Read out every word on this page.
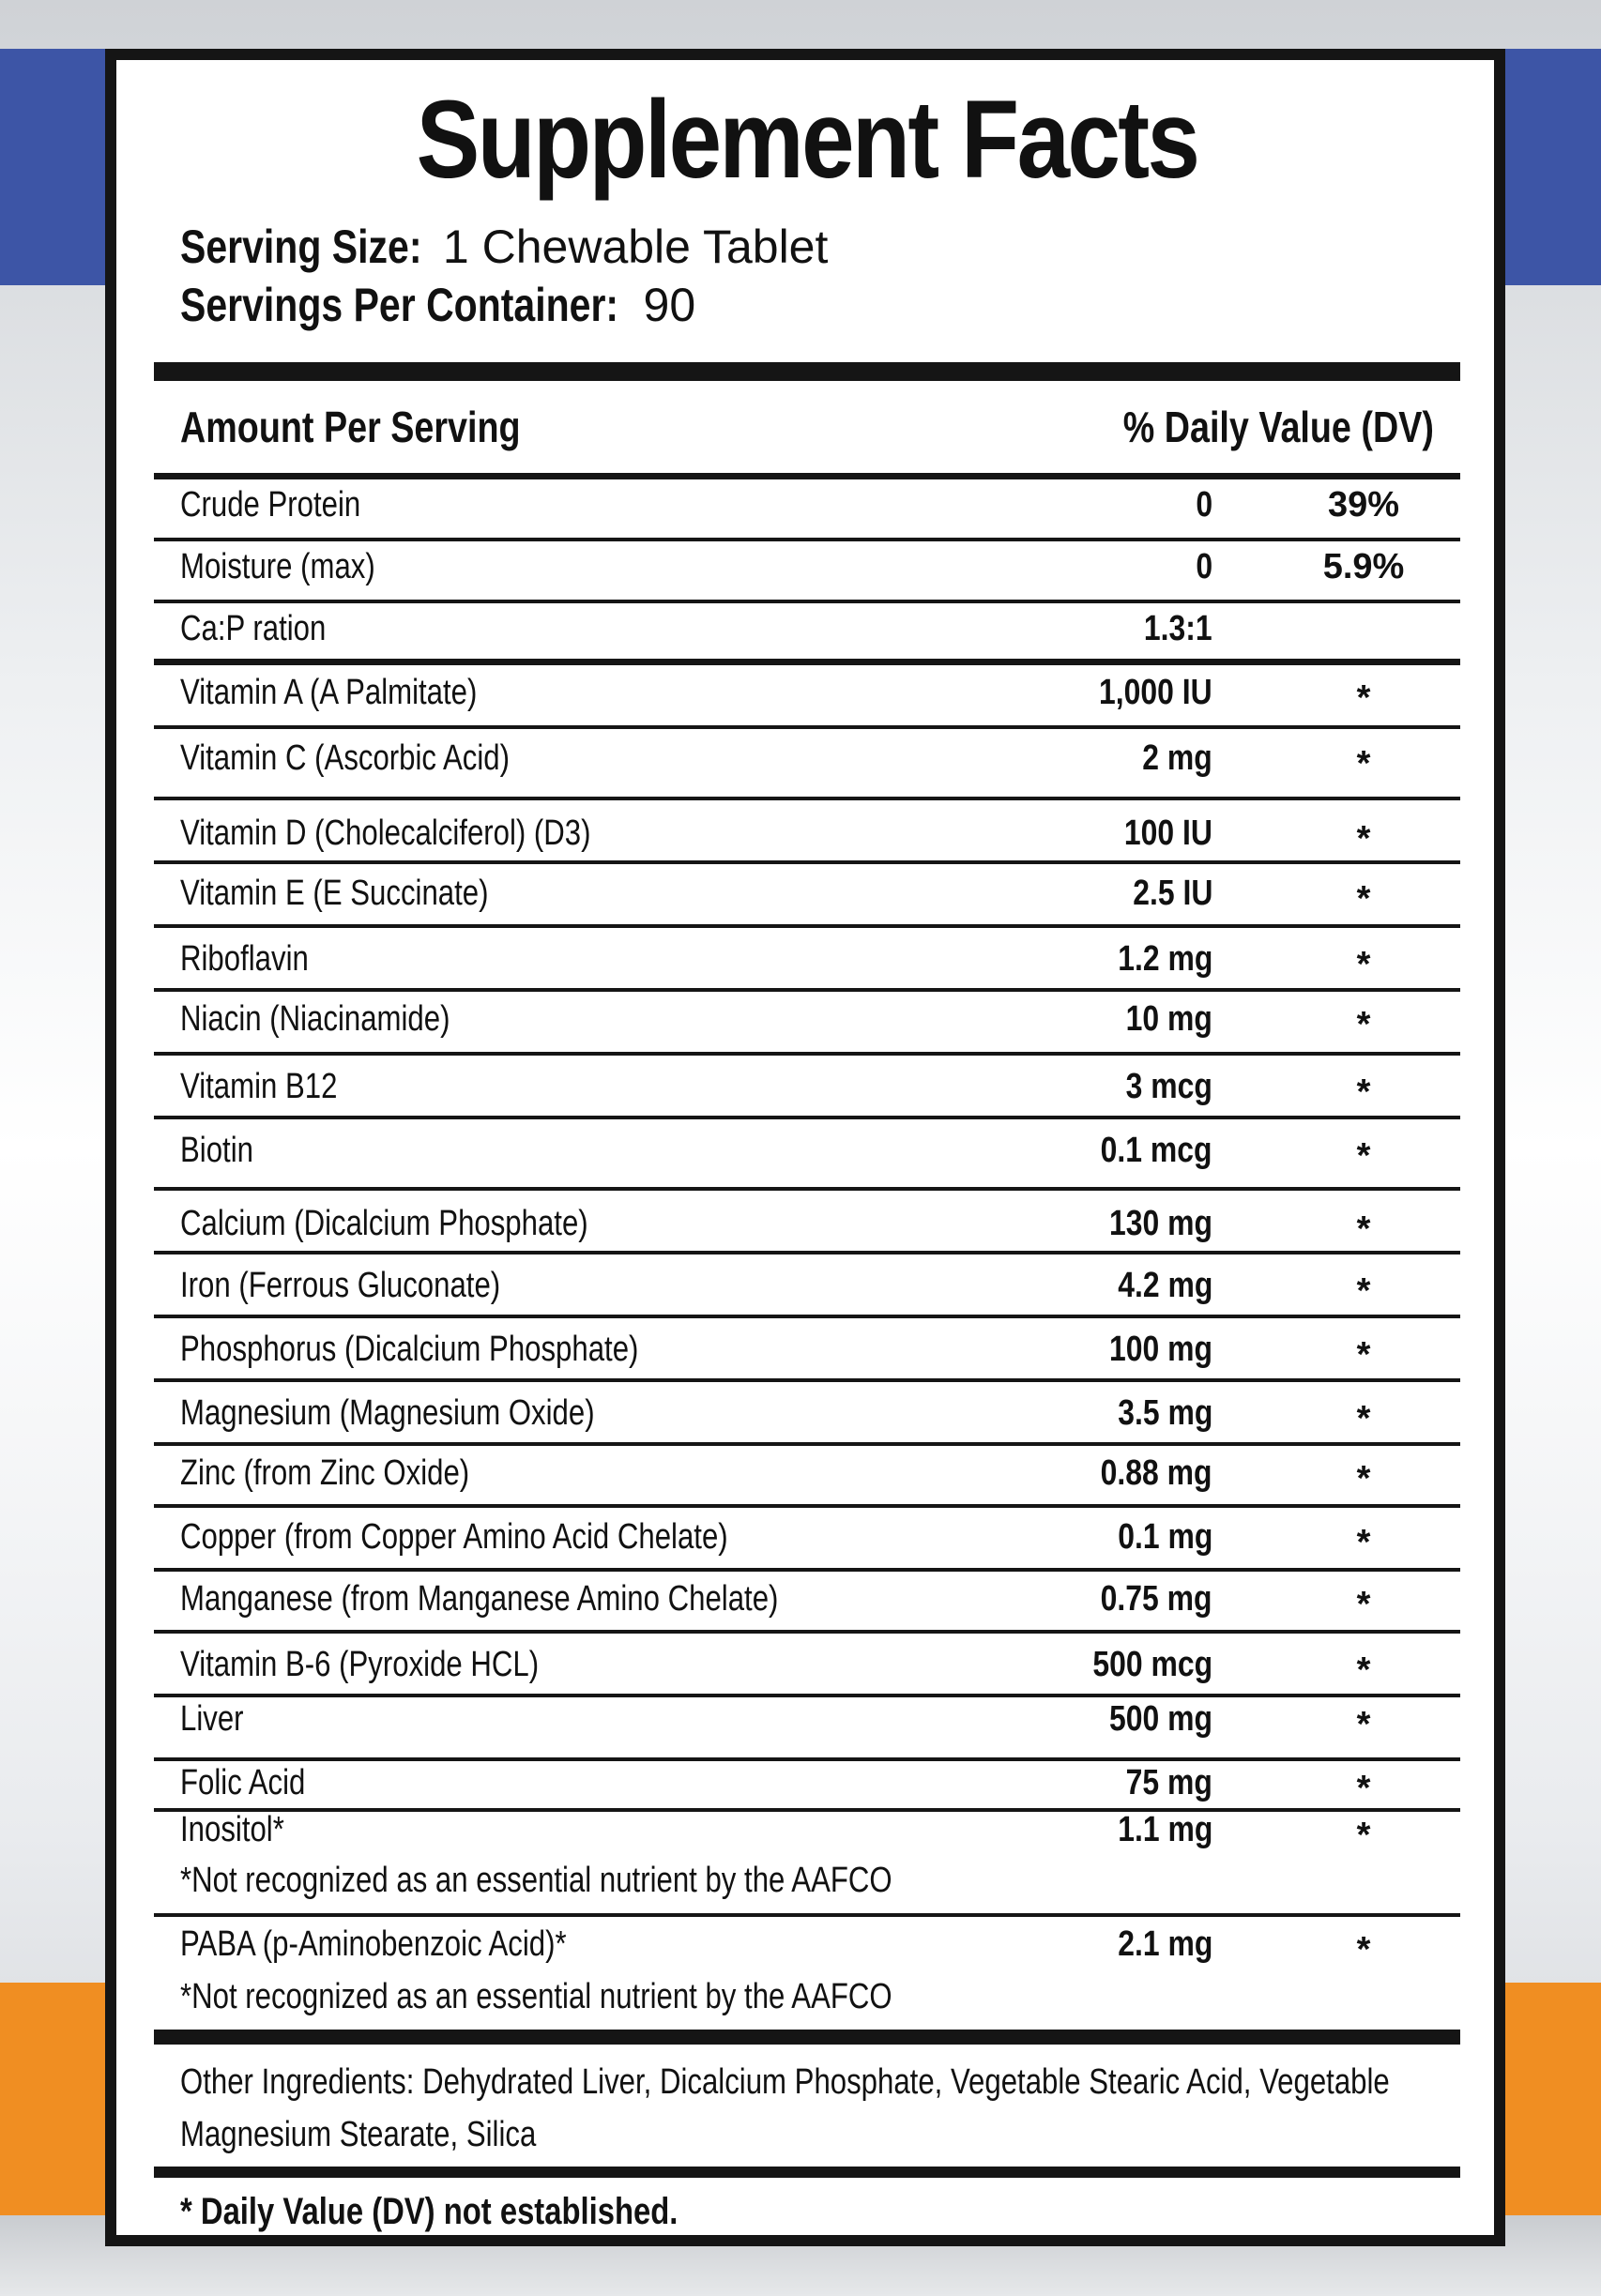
Supplement Facts
Serving Size: 1 Chewable Tablet
Servings Per Container: 90
Amount Per Serving	% Daily Value (DV)
Crude Protein	0	39%
Moisture (max)	0	5.9%
Ca:P ration	1.3:1
Vitamin A (A Palmitate)	1,000 IU	*
Vitamin C (Ascorbic Acid)	2 mg	*
Vitamin D (Cholecalciferol) (D3)	100 IU	*
Vitamin E (E Succinate)	2.5 IU	*
Riboflavin	1.2 mg	*
Niacin (Niacinamide)	10 mg	*
Vitamin B12	3 mcg	*
Biotin	0.1 mcg	*
Calcium (Dicalcium Phosphate)	130 mg	*
Iron (Ferrous Gluconate)	4.2 mg	*
Phosphorus (Dicalcium Phosphate)	100 mg	*
Magnesium (Magnesium Oxide)	3.5 mg	*
Zinc (from Zinc Oxide)	0.88 mg	*
Copper (from Copper Amino Acid Chelate)	0.1 mg	*
Manganese (from Manganese Amino Chelate)	0.75 mg	*
Vitamin B-6 (Pyroxide HCL)	500 mcg	*
Liver	500 mg	*
Folic Acid	75 mg	*
Inositol*	1.1 mg	*
*Not recognized as an essential nutrient by the AAFCO
PABA (p-Aminobenzoic Acid)*	2.1 mg	*
*Not recognized as an essential nutrient by the AAFCO
Other Ingredients: Dehydrated Liver, Dicalcium Phosphate, Vegetable Stearic Acid, Vegetable Magnesium Stearate, Silica
* Daily Value (DV) not established.
